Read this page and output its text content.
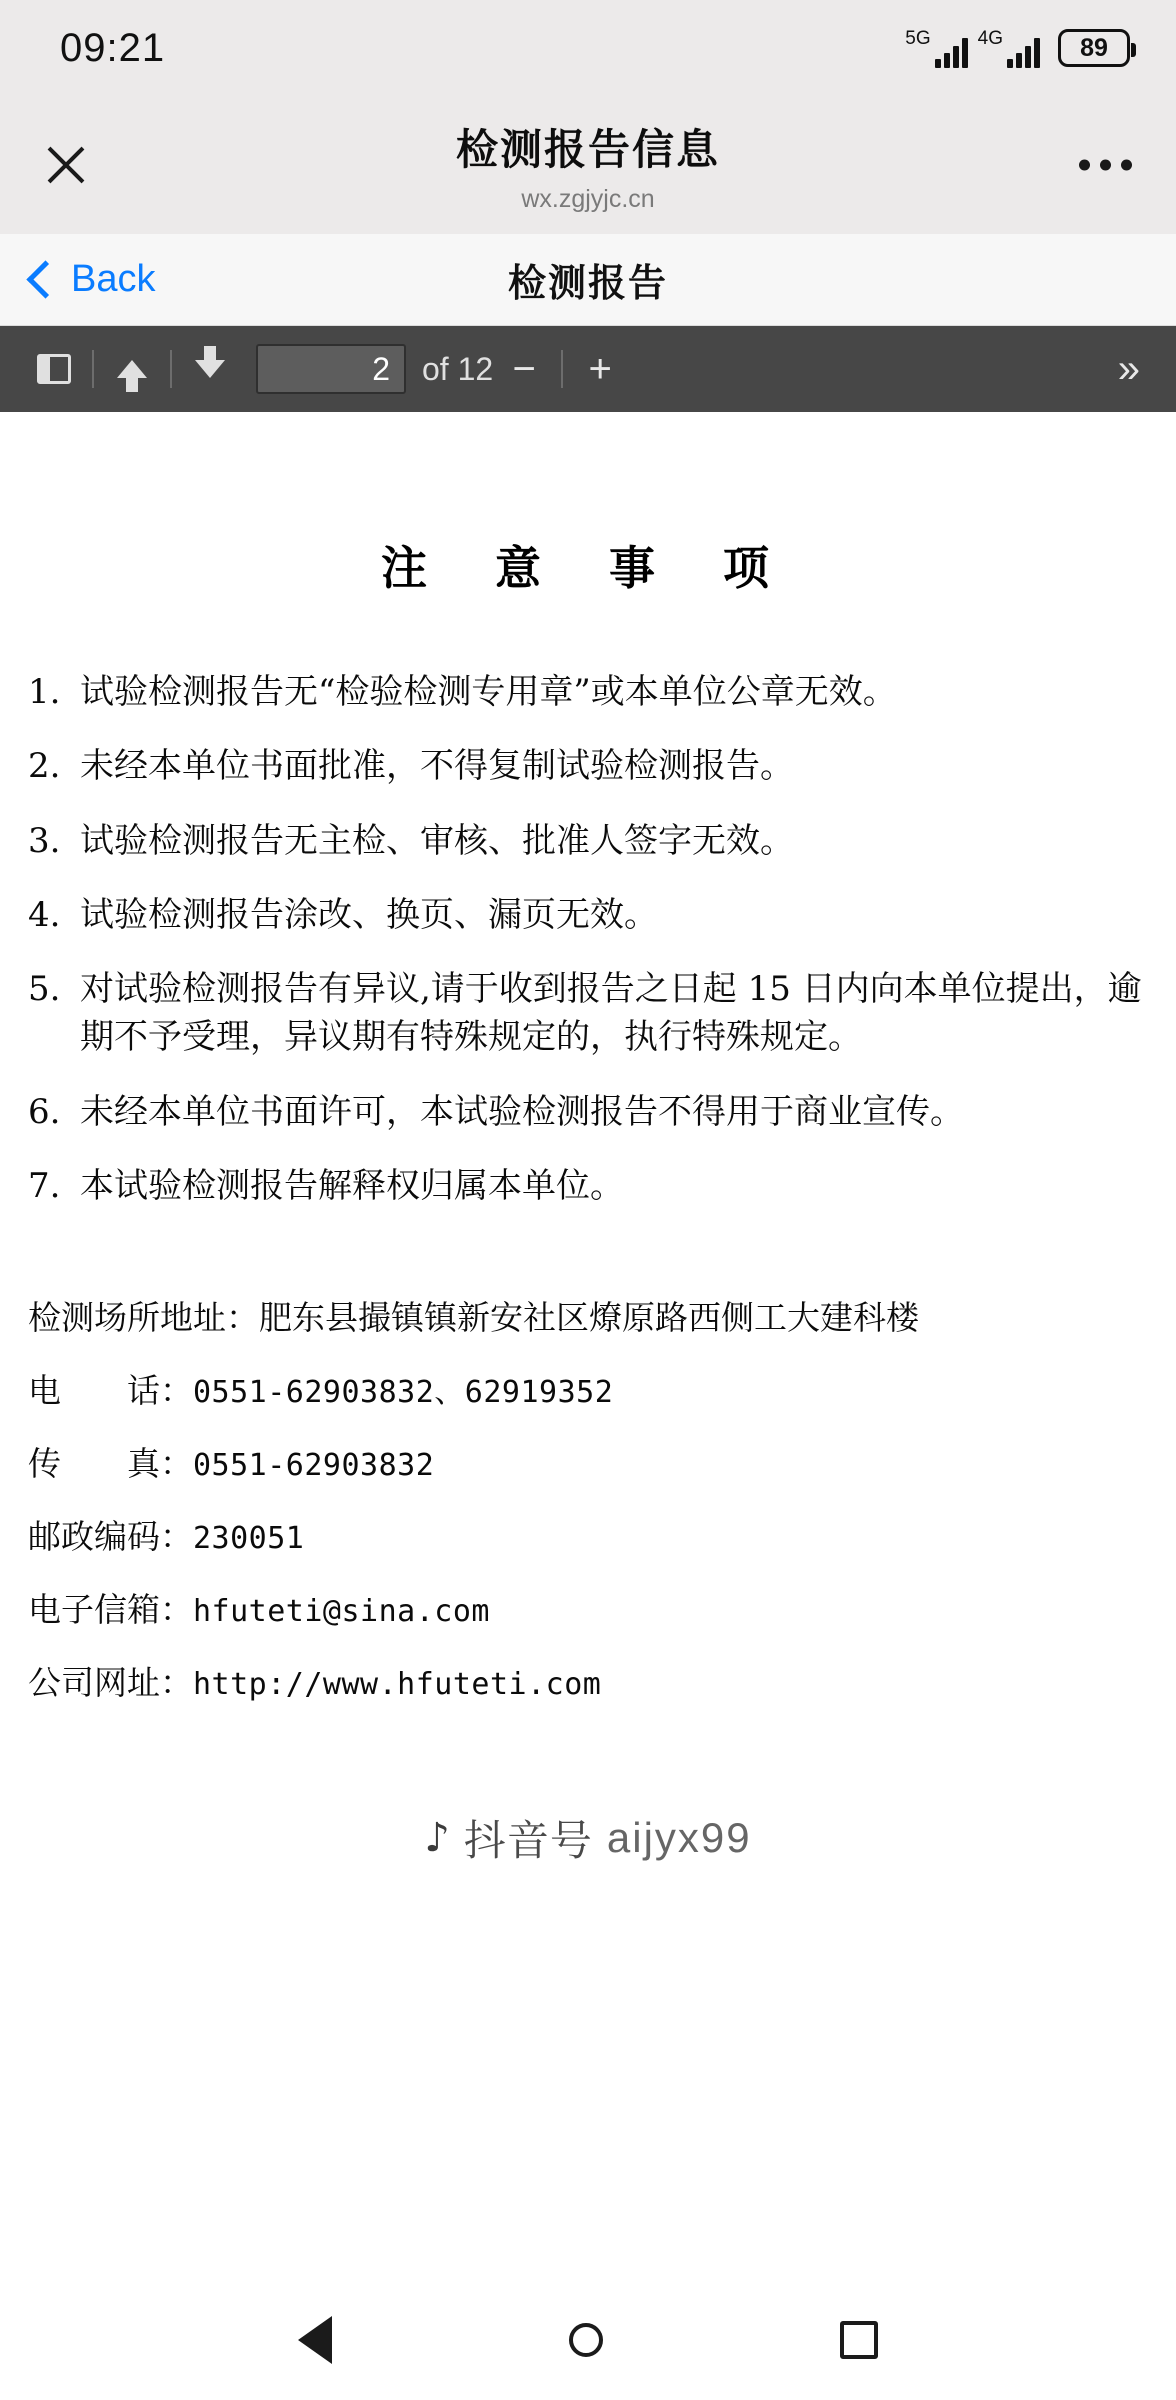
09:21	5G 4G	89
检测报告信息
wx.zgjyjc.cn
Back	检测报告
2
of 12 −	+	»
注 意 事 项
1. 试验检测报告无“检验检测专用章”或本单位公章无效。
2. 未经本单位书面批准，不得复制试验检测报告。
3. 试验检测报告无主检、审核、批准人签字无效。
4. 试验检测报告涂改、换页、漏页无效。
5. 对试验检测报告有异议,请于收到报告之日起 15 日内向本单位提出，逾期不予受理，异议期有特殊规定的，执行特殊规定。
6. 未经本单位书面许可，本试验检测报告不得用于商业宣传。
7. 本试验检测报告解释权归属本单位。
检测场所地址： 肥东县撮镇镇新安社区燎原路西侧工大建科楼
电　　话： 0551-62903832、62919352
传　　真： 0551-62903832
邮政编码： 230051
电子信箱： hfuteti@sina.com
公司网址： http://www.hfuteti.com
♪ 抖音号 aijyx99
